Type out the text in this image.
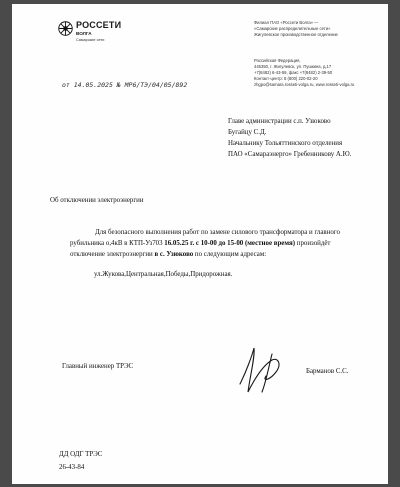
РОССЕТИ
ВОЛГА
Самарские сети
Филиал ПАО «Россети Волга» —
«Самарские распределительные сети»
Жигулевское производственное отделение
Российская Федерация,
445350, г. Жигулевск, ул. Пушкина, д.17
+7(8482) 6-43-59, факс +7(8482) 2-39-50
Контакт-центр: 8 (800) 220-02-20
zhgpo@samara.rosseti-volga.ru, www.rosseti-volga.ru
от 14.05.2025 № МР6/ТЭ/04/05/892
Главе администрации с.п. Узюково
Бугайцу С.Д.
Начальнику Тольяттинского отделения
ПАО «Самараэнерго» Гребенникову А.Ю.
Об отключении электроэнергии
Для безопасного выполнения работ по замене силового трансформатора и главного
рубильника о,4кВ в КТП-Уз703 16.05.25 г. с 10-00 до 15-00 (местное время) произойдёт
отключение электроэнергии в с. Узюково по следующим адресам:
ул.Жукова,Центральная,Победы,Придорожная.
Главный инженер ТРЭС
Барманов С.С.
ДД ОДГ ТРЭС
26-43-84
